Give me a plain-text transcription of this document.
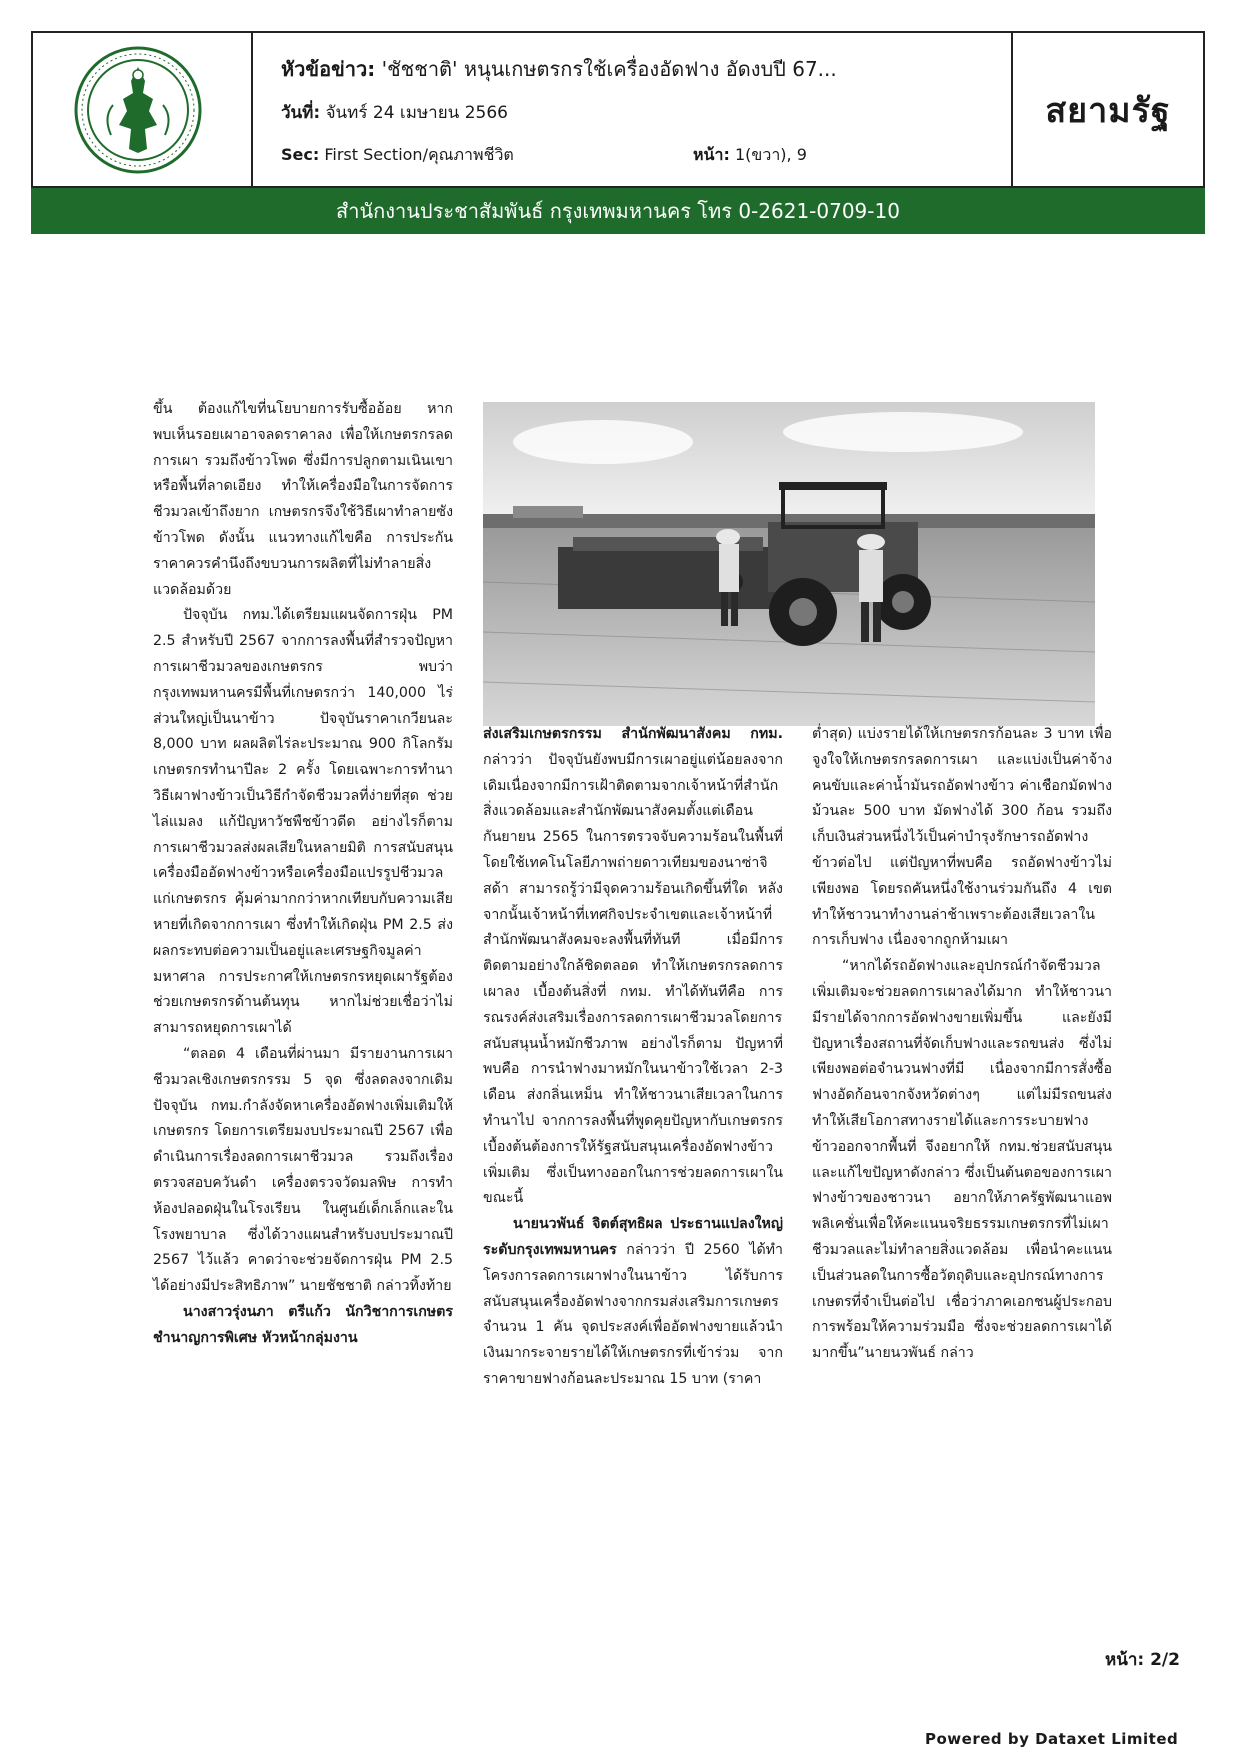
หัวข้อข่าว: 'ชัชชาติ' หนุนเกษตรกรใช้เครื่องอัดฟาง อัดงบปี 67...
วันที่: จันทร์ 24 เมษายน 2566
Sec: First Section/คุณภาพชีวิต	หน้า: 1(ขวา), 9
สยามรัฐ
สำนักงานประชาสัมพันธ์ กรุงเทพมหานคร โทร 0-2621-0709-10

ขึ้น ต้องแก้ไขที่นโยบายการรับซื้ออ้อย หากพบเห็นรอยเผาอาจลดราคาลง เพื่อให้เกษตรกรลดการเผา รวมถึงข้าวโพด ซึ่งมีการปลูกตามเนินเขาหรือพื้นที่ลาดเอียง ทำให้เครื่องมือในการจัดการชีวมวลเข้าถึงยาก เกษตรกรจึงใช้วิธีเผาทำลายซังข้าวโพด ดังนั้น แนวทางแก้ไขคือ การประกันราคาควรคำนึงถึงขบวนการผลิตที่ไม่ทำลายสิ่งแวดล้อมด้วย

ปัจจุบัน กทม.ได้เตรียมแผนจัดการฝุ่น PM 2.5 สำหรับปี 2567 จากการลงพื้นที่สำรวจปัญหาการเผาชีวมวลของเกษตรกร พบว่า กรุงเทพมหานครมีพื้นที่เกษตรกว่า 140,000 ไร่ ส่วนใหญ่เป็นนาข้าว ปัจจุบันราคาเกวียนละ 8,000 บาท ผลผลิตไร่ละประมาณ 900 กิโลกรัม เกษตรกรทำนาปีละ 2 ครั้ง โดยเฉพาะการทำนา วิธีเผาฟางข้าวเป็นวิธีกำจัดชีวมวลที่ง่ายที่สุด ช่วยไล่แมลง แก้ปัญหาวัชพืชข้าวดีด อย่างไรก็ตาม การเผาชีวมวลส่งผลเสียในหลายมิติ การสนับสนุนเครื่องมืออัดฟางข้าวหรือเครื่องมือแปรรูปชีวมวลแก่เกษตรกร คุ้มค่ามากกว่าหากเทียบกับความเสียหายที่เกิดจากการเผา ซึ่งทำให้เกิดฝุ่น PM 2.5 ส่งผลกระทบต่อความเป็นอยู่และเศรษฐกิจมูลค่ามหาศาล การประกาศให้เกษตรกรหยุดเผารัฐต้องช่วยเกษตรกรด้านต้นทุน หากไม่ช่วยเชื่อว่าไม่สามารถหยุดการเผาได้

“ตลอด 4 เดือนที่ผ่านมา มีรายงานการเผาชีวมวลเชิงเกษตรกรรม 5 จุด ซึ่งลดลงจากเดิม ปัจจุบัน กทม.กำลังจัดหาเครื่องอัดฟางเพิ่มเติมให้เกษตรกร โดยการเตรียมงบประมาณปี 2567 เพื่อดำเนินการเรื่องลดการเผาชีวมวล รวมถึงเรื่องตรวจสอบควันดำ เครื่องตรวจวัดมลพิษ การทำห้องปลอดฝุ่นในโรงเรียน ในศูนย์เด็กเล็กและในโรงพยาบาล ซึ่งได้วางแผนสำหรับงบประมาณปี 2567 ไว้แล้ว คาดว่าจะช่วยจัดการฝุ่น PM 2.5 ได้อย่างมีประสิทธิภาพ” นายชัชชาติ กล่าวทิ้งท้าย

นางสาวรุ่งนภา ตรีแก้ว นักวิชาการเกษตรชำนาญการพิเศษ หัวหน้ากลุ่มงาน

ส่งเสริมเกษตรกรรม สำนักพัฒนาสังคม กทม. กล่าวว่า ปัจจุบันยังพบมีการเผาอยู่แต่น้อยลงจากเดิมเนื่องจากมีการเฝ้าติดตามจากเจ้าหน้าที่สำนักสิ่งแวดล้อมและสำนักพัฒนาสังคมตั้งแต่เดือนกันยายน 2565 ในการตรวจจับความร้อนในพื้นที่โดยใช้เทคโนโลยีภาพถ่ายดาวเทียมของนาซ่าจิสด้า สามารถรู้ว่ามีจุดความร้อนเกิดขึ้นที่ใด หลังจากนั้นเจ้าหน้าที่เทศกิจประจำเขตและเจ้าหน้าที่สำนักพัฒนาสังคมจะลงพื้นที่ทันที เมื่อมีการติดตามอย่างใกล้ชิดตลอด ทำให้เกษตรกรลดการเผาลง เบื้องต้นสิ่งที่ กทม. ทำได้ทันทีคือ การรณรงค์ส่งเสริมเรื่องการลดการเผาชีวมวลโดยการสนับสนุนน้ำหมักชีวภาพ อย่างไรก็ตาม ปัญหาที่พบคือ การนำฟางมาหมักในนาข้าวใช้เวลา 2-3 เดือน ส่งกลิ่นเหม็น ทำให้ชาวนาเสียเวลาในการทำนาไป จากการลงพื้นที่พูดคุยปัญหากับเกษตรกร เบื้องต้นต้องการให้รัฐสนับสนุนเครื่องอัดฟางข้าวเพิ่มเติม ซึ่งเป็นทางออกในการช่วยลดการเผาในขณะนี้

นายนวพันธ์ จิตต์สุทธิผล ประธานแปลงใหญ่ระดับกรุงเทพมหานคร กล่าวว่า ปี 2560 ได้ทำโครงการลดการเผาฟางในนาข้าว ได้รับการสนับสนุนเครื่องอัดฟางจากกรมส่งเสริมการเกษตรจำนวน 1 คัน จุดประสงค์เพื่ออัดฟางขายแล้วนำเงินมากระจายรายได้ให้เกษตรกรที่เข้าร่วม จากราคาขายฟางก้อนละประมาณ 15 บาท (ราคา

ต่ำสุด) แบ่งรายได้ให้เกษตรกรก้อนละ 3 บาท เพื่อจูงใจให้เกษตรกรลดการเผา และแบ่งเป็นค่าจ้างคนขับและค่าน้ำมันรถอัดฟางข้าว ค่าเชือกมัดฟางม้วนละ 500 บาท มัดฟางได้ 300 ก้อน รวมถึงเก็บเงินส่วนหนึ่งไว้เป็นค่าบำรุงรักษารถอัดฟางข้าวต่อไป แต่ปัญหาที่พบคือ รถอัดฟางข้าวไม่เพียงพอ โดยรถคันหนึ่งใช้งานร่วมกันถึง 4 เขต ทำให้ชาวนาทำงานล่าช้าเพราะต้องเสียเวลาในการเก็บฟาง เนื่องจากถูกห้ามเผา

“หากได้รถอัดฟางและอุปกรณ์กำจัดชีวมวลเพิ่มเติมจะช่วยลดการเผาลงได้มาก ทำให้ชาวนามีรายได้จากการอัดฟางขายเพิ่มขึ้น และยังมีปัญหาเรื่องสถานที่จัดเก็บฟางและรถขนส่ง ซึ่งไม่เพียงพอต่อจำนวนฟางที่มี เนื่องจากมีการสั่งซื้อฟางอัดก้อนจากจังหวัดต่างๆ แต่ไม่มีรถขนส่งทำให้เสียโอกาสทางรายได้และการระบายฟางข้าวออกจากพื้นที่ จึงอยากให้ กทม.ช่วยสนับสนุนและแก้ไขปัญหาดังกล่าว ซึ่งเป็นต้นตอของการเผาฟางข้าวของชาวนา อยากให้ภาครัฐพัฒนาแอพพลิเคชั่นเพื่อให้คะแนนจริยธรรมเกษตรกรที่ไม่เผาชีวมวลและไม่ทำลายสิ่งแวดล้อม เพื่อนำคะแนนเป็นส่วนลดในการซื้อวัตถุดิบและอุปกรณ์ทางการเกษตรที่จำเป็นต่อไป เชื่อว่าภาคเอกชนผู้ประกอบการพร้อมให้ความร่วมมือ ซึ่งจะช่วยลดการเผาได้มากขึ้น”นายนวพันธ์ กล่าว

หน้า: 2/2
Powered by Dataxet Limited
